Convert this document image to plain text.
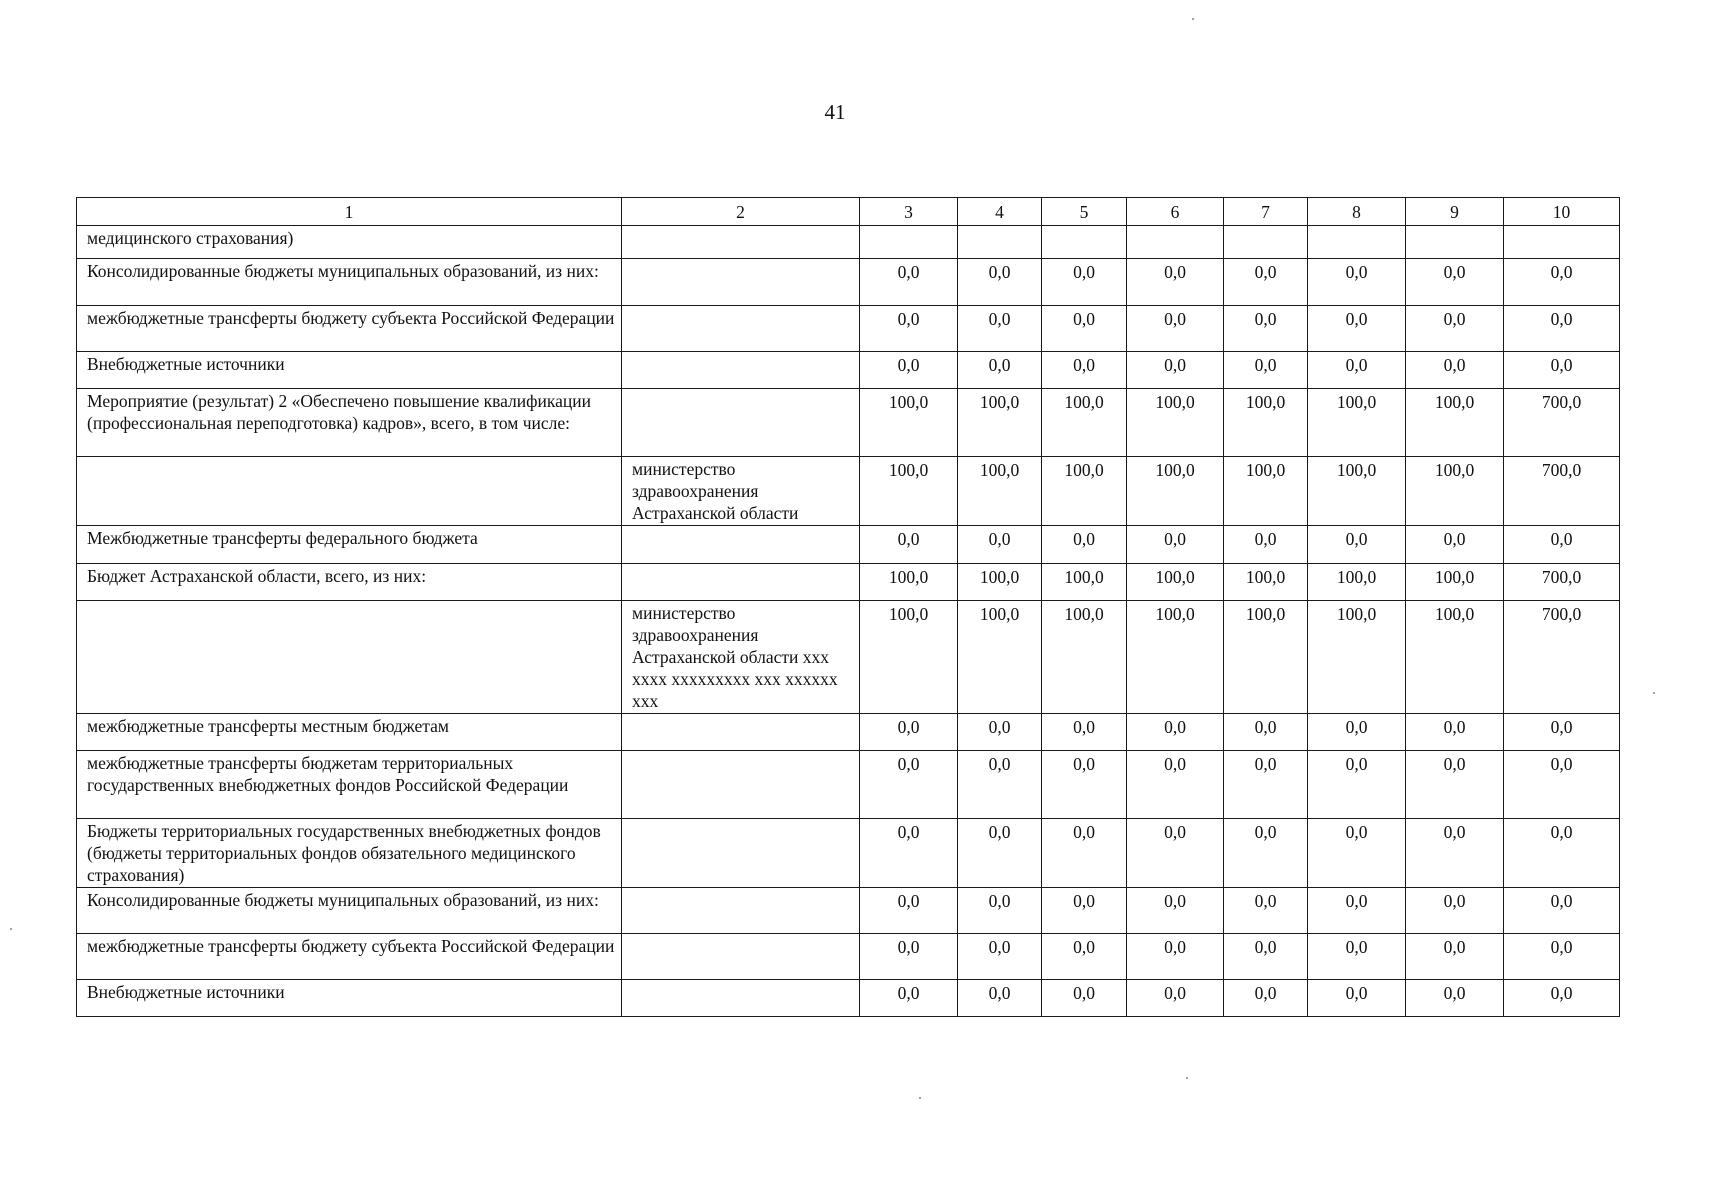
41
1	2	3	4	5	6	7	8	9	10
медицинского страхования)									
Консолидированные бюджеты муниципальных образований, из них:		0,0	0,0	0,0	0,0	0,0	0,0	0,0	0,0
межбюджетные трансферты бюджету субъекта Российской Федерации		0,0	0,0	0,0	0,0	0,0	0,0	0,0	0,0
Внебюджетные источники		0,0	0,0	0,0	0,0	0,0	0,0	0,0	0,0
Мероприятие (результат) 2 «Обеспечено повышение квалификации (профессиональная переподготовка) кадров», всего, в том числе:		100,0	100,0	100,0	100,0	100,0	100,0	100,0	700,0
	министерство здравоохранения Астраханской области	100,0	100,0	100,0	100,0	100,0	100,0	100,0	700,0
Межбюджетные трансферты федерального бюджета		0,0	0,0	0,0	0,0	0,0	0,0	0,0	0,0
Бюджет Астраханской области, всего, из них:		100,0	100,0	100,0	100,0	100,0	100,0	100,0	700,0
	министерство здравоохранения Астраханской области xxx xxxx xxxxxxxxx xxx xxxxxx xxx	100,0	100,0	100,0	100,0	100,0	100,0	100,0	700,0
межбюджетные трансферты местным бюджетам		0,0	0,0	0,0	0,0	0,0	0,0	0,0	0,0
межбюджетные трансферты бюджетам территориальных государственных внебюджетных фондов Российской Федерации		0,0	0,0	0,0	0,0	0,0	0,0	0,0	0,0
Бюджеты территориальных государственных внебюджетных фондов (бюджеты территориальных фондов обязательного медицинского страхования)		0,0	0,0	0,0	0,0	0,0	0,0	0,0	0,0
Консолидированные бюджеты муниципальных образований, из них:		0,0	0,0	0,0	0,0	0,0	0,0	0,0	0,0
межбюджетные трансферты бюджету субъекта Российской Федерации		0,0	0,0	0,0	0,0	0,0	0,0	0,0	0,0
Внебюджетные источники		0,0	0,0	0,0	0,0	0,0	0,0	0,0	0,0
